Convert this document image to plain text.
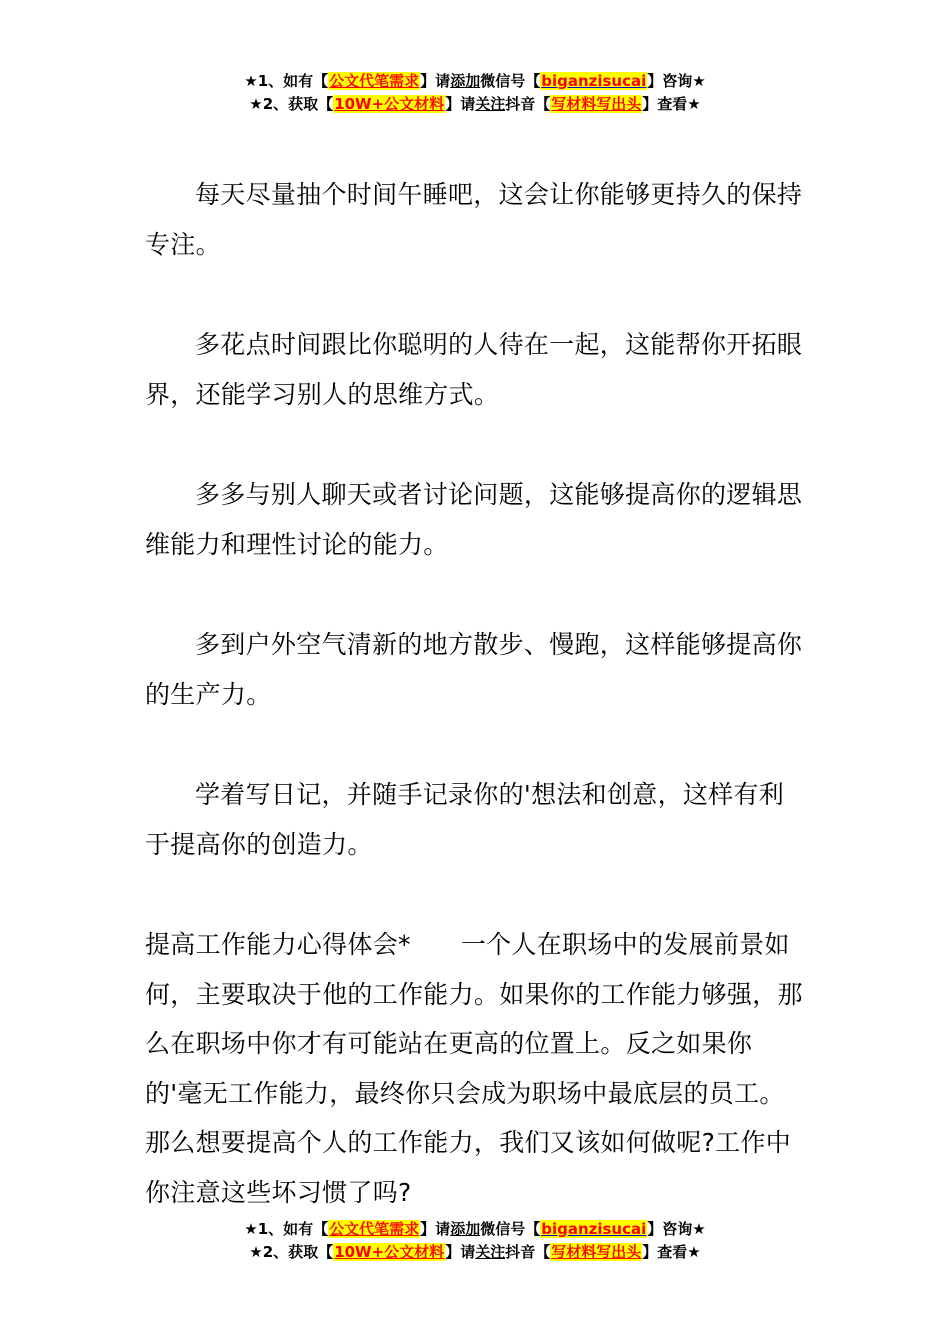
★1、如有【公文代笔需求】请添加微信号【biganzisucai】咨询★
★2、获取【10W+公文材料】请关注抖音【写材料写出头】查看★

每天尽量抽个时间午睡吧，这会让你能够更持久的保持专注。

多花点时间跟比你聪明的人待在一起，这能帮你开拓眼界，还能学习别人的思维方式。

多多与别人聊天或者讨论问题，这能够提高你的逻辑思维能力和理性讨论的能力。

多到户外空气清新的地方散步、慢跑，这样能够提高你的生产力。

学着写日记，并随手记录你的'想法和创意，这样有利于提高你的创造力。

提高工作能力心得体会* 一个人在职场中的发展前景如何，主要取决于他的工作能力。如果你的工作能力够强，那么在职场中你才有可能站在更高的位置上。反之如果你的'毫无工作能力，最终你只会成为职场中最底层的员工。那么想要提高个人的工作能力，我们又该如何做呢?工作中你注意这些坏习惯了吗?

★1、如有【公文代笔需求】请添加微信号【biganzisucai】咨询★
★2、获取【10W+公文材料】请关注抖音【写材料写出头】查看★
